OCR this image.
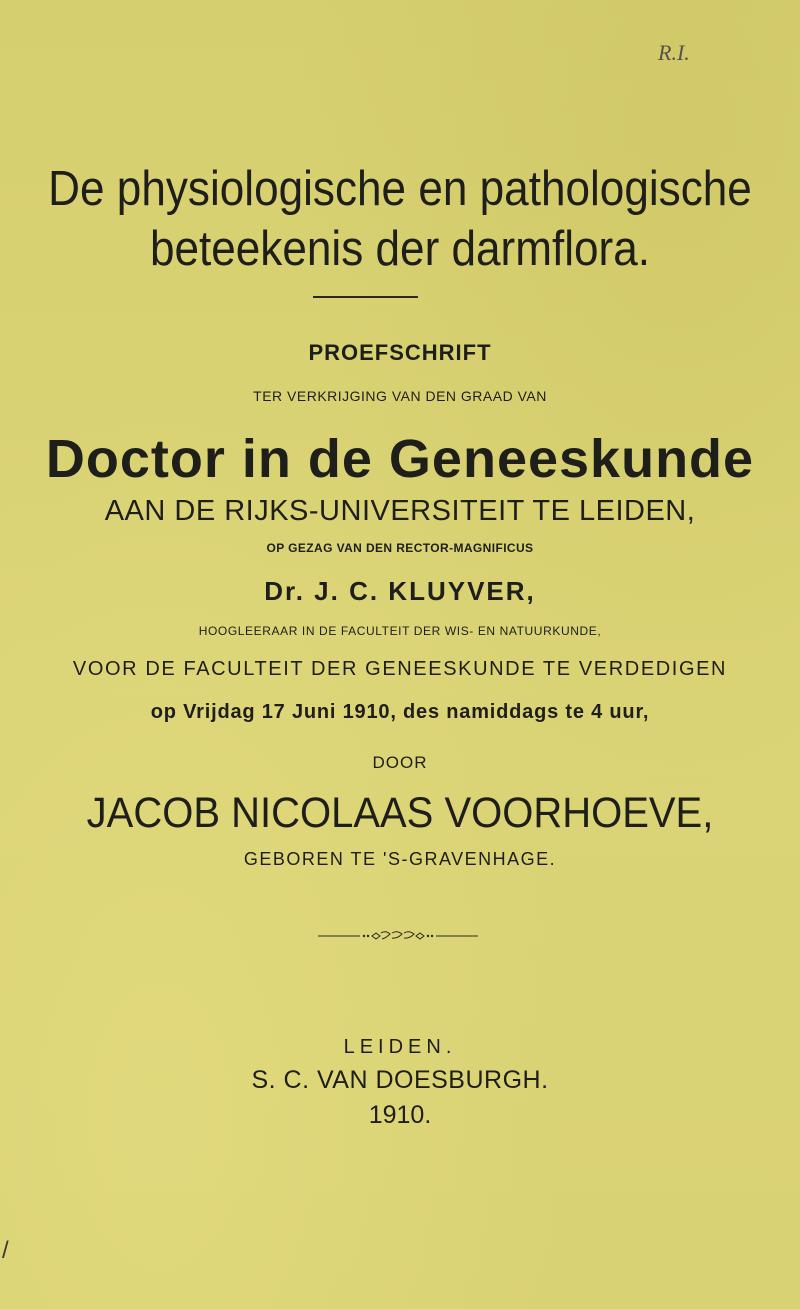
R.I.
De physiologische en pathologische
beteekenis der darmflora.
PROEFSCHRIFT
TER VERKRIJGING VAN DEN GRAAD VAN
Doctor in de Geneeskunde
AAN DE RIJKS-UNIVERSITEIT TE LEIDEN,
OP GEZAG VAN DEN RECTOR-MAGNIFICUS
Dr. J. C. KLUYVER,
HOOGLEERAAR IN DE FACULTEIT DER WIS- EN NATUURKUNDE,
VOOR DE FACULTEIT DER GENEESKUNDE TE VERDEDIGEN
op Vrijdag 17 Juni 1910, des namiddags te 4 uur,
DOOR
JACOB NICOLAAS VOORHOEVE,
GEBOREN TE 'S-GRAVENHAGE.
LEIDEN.
S. C. VAN DOESBURGH.
1910.
/
